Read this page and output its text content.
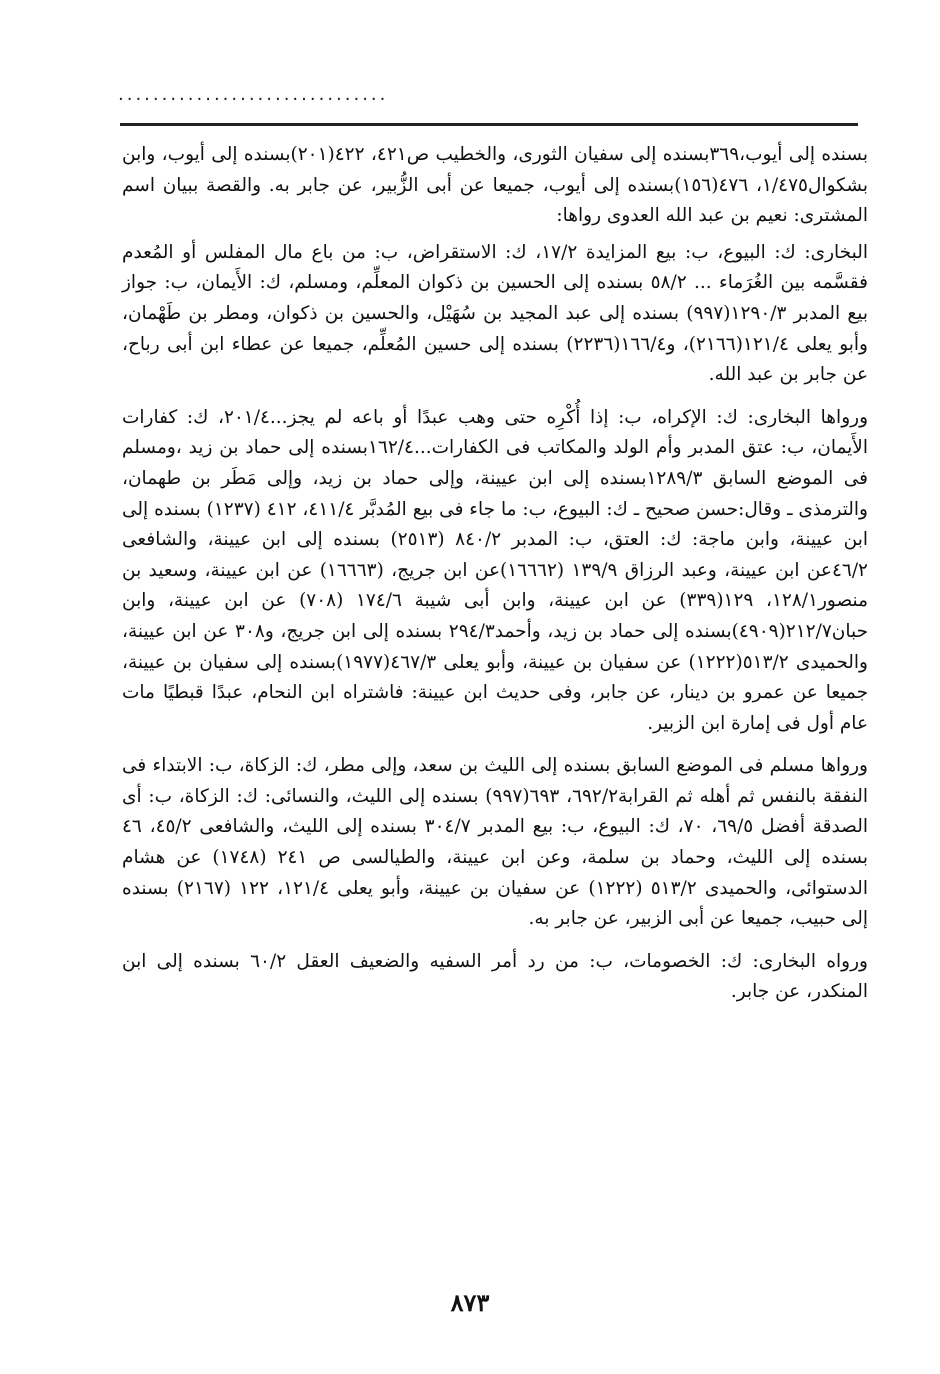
...............................

بسنده إلى أيوب،٣٦٩بسنده إلى سفيان الثورى، والخطيب ص٤٢١، ٤٢٢(٢٠١)بسنده إلى أيوب، وابن بشكوال١/٤٧٥، ٤٧٦(١٥٦)بسنده إلى أيوب، جميعا عن أبى الزُّبير، عن جابر به. والقصة ببيان اسم المشترى: نعيم بن عبد الله العدوى رواها:

البخارى: ك: البيوع، ب: بيع المزايدة ١٧/٢، ك: الاستقراض، ب: من باع مال المفلس أو المُعدم فقسَّمه بين الغُرَماء ... ٥٨/٢ بسنده إلى الحسين بن ذكوان المعلِّم، ومسلم، ك: الأَيمان، ب: جواز بيع المدبر ١٢٩٠/٣(٩٩٧) بسنده إلى عبد المجيد بن سُهَيْل، والحسين بن ذكوان، ومطر بن طَهْمان، وأبو يعلى ١٢١/٤(٢١٦٦)، و١٦٦/٤(٢٢٣٦) بسنده إلى حسين المُعلِّم، جميعا عن عطاء ابن أبى رباح، عن جابر بن عبد الله.

ورواها البخارى: ك: الإكراه، ب: إذا أُكْرِه حتى وهب عبدًا أو باعه لم يجز...٢٠١/٤، ك: كفارات الأَيمان، ب: عتق المدبر وأم الولد والمكاتب فى الكفارات...١٦٢/٤بسنده إلى حماد بن زيد ،ومسلم فى الموضع السابق ١٢٨٩/٣بسنده إلى ابن عيينة، وإلى حماد بن زيد، وإلى مَطَر بن طهمان، والترمذى ـ وقال:حسن صحيح ـ ك: البيوع، ب: ما جاء فى بيع المُدبَّر ٤١١/٤، ٤١٢ (١٢٣٧) بسنده إلى ابن عيينة، وابن ماجة: ك: العتق، ب: المدبر ٨٤٠/٢ (٢٥١٣) بسنده إلى ابن عيينة، والشافعى ٤٦/٢عن ابن عيينة، وعبد الرزاق ١٣٩/٩ (١٦٦٦٢)عن ابن جريج، (١٦٦٦٣) عن ابن عيينة، وسعيد بن منصور١٢٨/١، ١٢٩(٣٣٩) عن ابن عيينة، وابن أبى شيبة ١٧٤/٦ (٧٠٨) عن ابن عيينة، وابن حبان٢١٢/٧(٤٩٠٩)بسنده إلى حماد بن زيد، وأحمد٢٩٤/٣ بسنده إلى ابن جريج، و٣٠٨ عن ابن عيينة، والحميدى ٥١٣/٢(١٢٢٢) عن سفيان بن عيينة، وأبو يعلى ٤٦٧/٣(١٩٧٧)بسنده إلى سفيان بن عيينة، جميعا عن عمرو بن دينار، عن جابر، وفى حديث ابن عيينة: فاشتراه ابن النحام، عبدًا قبطيًا مات عام أول فى إمارة ابن الزبير.

ورواها مسلم فى الموضع السابق بسنده إلى الليث بن سعد، وإلى مطر، ك: الزكاة، ب: الابتداء فى النفقة بالنفس ثم أهله ثم القرابة٦٩٢/٢، ٦٩٣(٩٩٧) بسنده إلى الليث، والنسائى: ك: الزكاة، ب: أى الصدقة أفضل ٦٩/٥، ٧٠، ك: البيوع، ب: بيع المدبر ٣٠٤/٧ بسنده إلى الليث، والشافعى ٤٥/٢، ٤٦ بسنده إلى الليث، وحماد بن سلمة، وعن ابن عيينة، والطيالسى ص ٢٤١ (١٧٤٨) عن هشام الدستوائى، والحميدى ٥١٣/٢ (١٢٢٢) عن سفيان بن عيينة، وأبو يعلى ١٢١/٤، ١٢٢ (٢١٦٧) بسنده إلى حبيب، جميعا عن أبى الزبير، عن جابر به.

ورواه البخارى: ك: الخصومات، ب: من رد أمر السفيه والضعيف العقل ٦٠/٢ بسنده إلى ابن المنكدر، عن جابر.

٨٧٣
